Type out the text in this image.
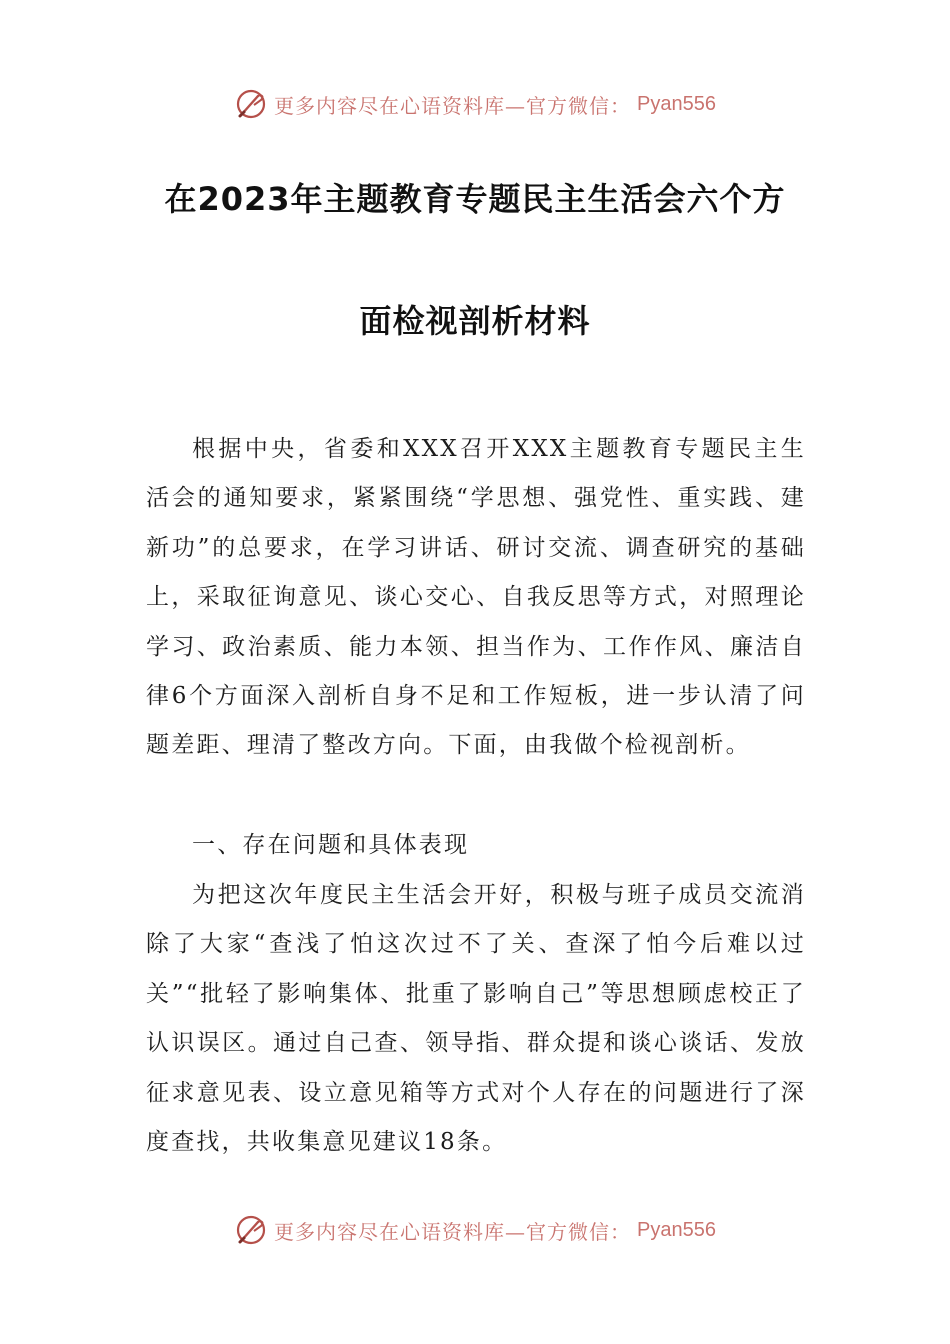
更多内容尽在心语资料库—官方微信： Pyan556
在2023年主题教育专题民主生活会六个方
面检视剖析材料

根据中央，省委和XXX召开XXX主题教育专题民主生活会的通知要求，紧紧围绕“学思想、强党性、重实践、建新功”的总要求，在学习讲话、研讨交流、调查研究的基础上，采取征询意见、谈心交心、自我反思等方式，对照理论学习、政治素质、能力本领、担当作为、工作作风、廉洁自律6个方面深入剖析自身不足和工作短板，进一步认清了问题差距、理清了整改方向。下面，由我做个检视剖析。

一、存在问题和具体表现

为把这次年度民主生活会开好，积极与班子成员交流消除了大家“查浅了怕这次过不了关、查深了怕今后难以过关”“批轻了影响集体、批重了影响自己”等思想顾虑校正了认识误区。通过自己查、领导指、群众提和谈心谈话、发放征求意见表、设立意见箱等方式对个人存在的问题进行了深度查找，共收集意见建议18条。

更多内容尽在心语资料库—官方微信： Pyan556
